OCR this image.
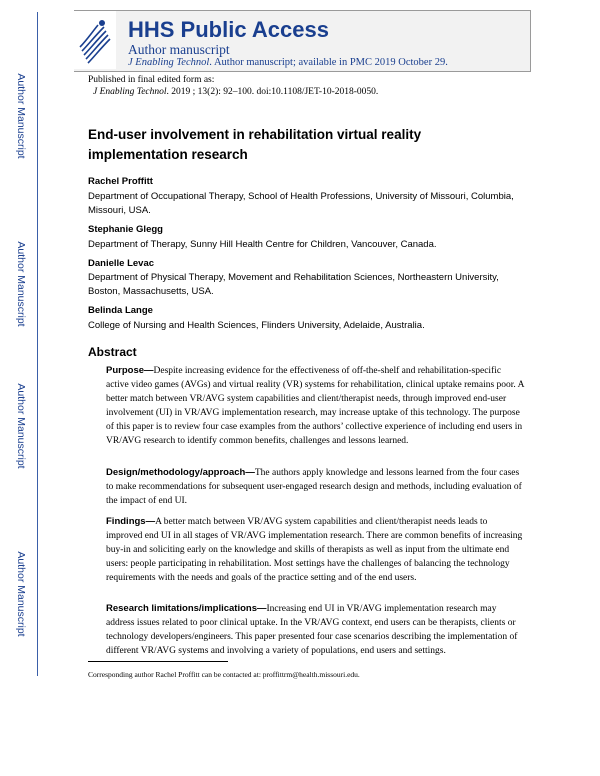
Author Manuscript
Author Manuscript
Author Manuscript
Author Manuscript
HHS Public Access
Author manuscript
J Enabling Technol. Author manuscript; available in PMC 2019 October 29.
Published in final edited form as:
J Enabling Technol. 2019 ; 13(2): 92–100. doi:10.1108/JET-10-2018-0050.
End-user involvement in rehabilitation virtual reality implementation research
Rachel Proffitt
Department of Occupational Therapy, School of Health Professions, University of Missouri, Columbia, Missouri, USA.
Stephanie Glegg
Department of Therapy, Sunny Hill Health Centre for Children, Vancouver, Canada.
Danielle Levac
Department of Physical Therapy, Movement and Rehabilitation Sciences, Northeastern University, Boston, Massachusetts, USA.
Belinda Lange
College of Nursing and Health Sciences, Flinders University, Adelaide, Australia.
Abstract
Purpose—Despite increasing evidence for the effectiveness of off-the-shelf and rehabilitation-specific active video games (AVGs) and virtual reality (VR) systems for rehabilitation, clinical uptake remains poor. A better match between VR/AVG system capabilities and client/therapist needs, through improved end-user involvement (UI) in VR/AVG implementation research, may increase uptake of this technology. The purpose of this paper is to review four case examples from the authors’ collective experience of including end users in VR/AVG research to identify common benefits, challenges and lessons learned.
Design/methodology/approach—The authors apply knowledge and lessons learned from the four cases to make recommendations for subsequent user-engaged research design and methods, including evaluation of the impact of end UI.
Findings—A better match between VR/AVG system capabilities and client/therapist needs leads to improved end UI in all stages of VR/AVG implementation research. There are common benefits of increasing buy-in and soliciting early on the knowledge and skills of therapists as well as input from the ultimate end users: people participating in rehabilitation. Most settings have the challenges of balancing the technology requirements with the needs and goals of the practice setting and of the end users.
Research limitations/implications—Increasing end UI in VR/AVG implementation research may address issues related to poor clinical uptake. In the VR/AVG context, end users can be therapists, clients or technology developers/engineers. This paper presented four case scenarios describing the implementation of different VR/AVG systems and involving a variety of populations, end users and settings.
Corresponding author Rachel Proffitt can be contacted at: proffittrm@health.missouri.edu.
